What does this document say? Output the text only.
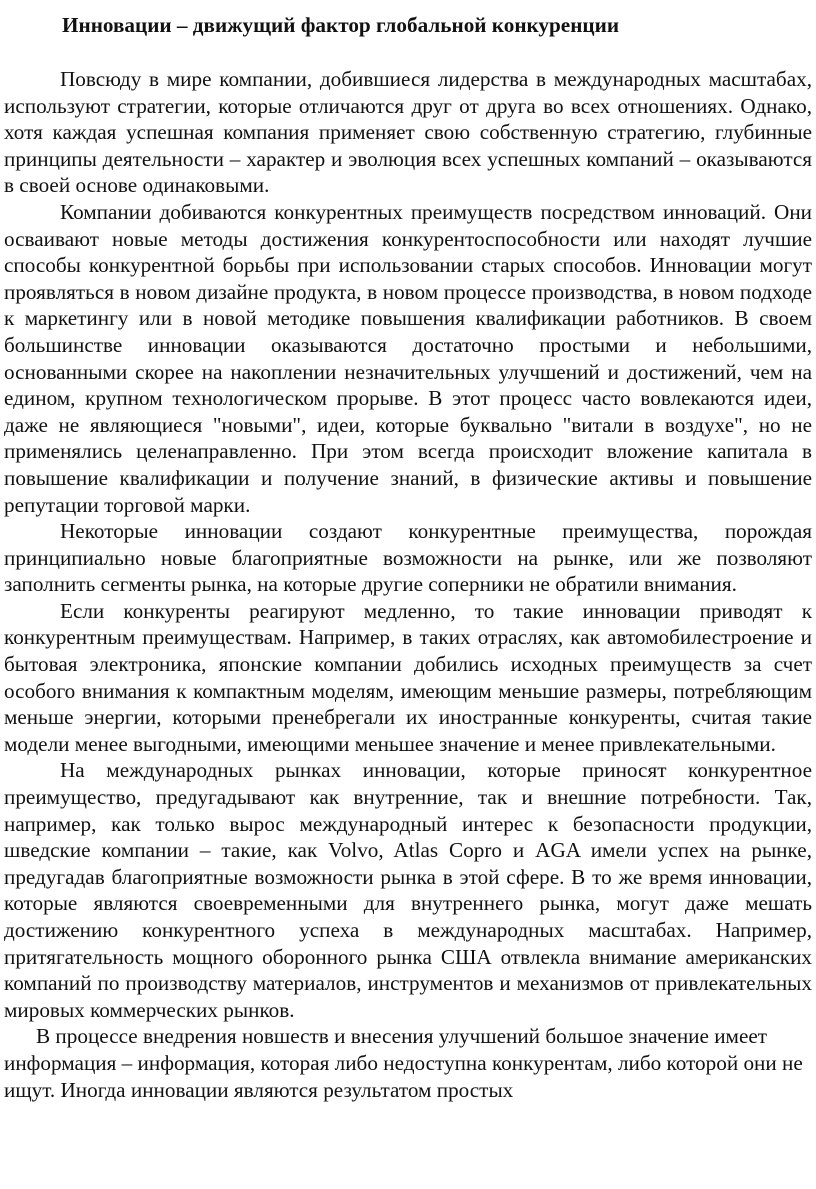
Инновации – движущий фактор глобальной конкуренции

Повсюду в мире компании, добившиеся лидерства в международных масштабах, используют стратегии, которые отличаются друг от друга во всех отношениях. Однако, хотя каждая успешная компания применяет свою собственную стратегию, глубинные принципы деятельности – характер и эволюция всех успешных компаний – оказываются в своей основе одинаковыми.

Компании добиваются конкурентных преимуществ посредством инноваций. Они осваивают новые методы достижения конкурентоспособности или находят лучшие способы конкурентной борьбы при использовании старых способов. Инновации могут проявляться в новом дизайне продукта, в новом процессе производства, в новом подходе к маркетингу или в новой методике повышения квалификации работников. В своем большинстве инновации оказываются достаточно простыми и небольшими, основанными скорее на накоплении незначительных улучшений и достижений, чем на едином, крупном технологическом прорыве. В этот процесс часто вовлекаются идеи, даже не являющиеся "новыми", идеи, которые буквально "витали в воздухе", но не применялись целенаправленно. При этом всегда происходит вложение капитала в повышение квалификации и получение знаний, в физические активы и повышение репутации торговой марки.

Некоторые инновации создают конкурентные преимущества, порождая принципиально новые благоприятные возможности на рынке, или же позволяют заполнить сегменты рынка, на которые другие соперники не обратили внимания.

Если конкуренты реагируют медленно, то такие инновации приводят к конкурентным преимуществам. Например, в таких отраслях, как автомобилестроение и бытовая электроника, японские компании добились исходных преимуществ за счет особого внимания к компактным моделям, имеющим меньшие размеры, потребляющим меньше энергии, которыми пренебрегали их иностранные конкуренты, считая такие модели менее выгодными, имеющими меньшее значение и менее привлекательными.

На международных рынках инновации, которые приносят конкурентное преимущество, предугадывают как внутренние, так и внешние потребности. Так, например, как только вырос международный интерес к безопасности продукции, шведские компании – такие, как Volvo, Atlas Copro и AGA имели успех на рынке, предугадав благоприятные возможности рынка в этой сфере. В то же время инновации, которые являются своевременными для внутреннего рынка, могут даже мешать достижению конкурентного успеха в международных масштабах. Например, притягательность мощного оборонного рынка США отвлекла внимание американских компаний по производству материалов, инструментов и механизмов от привлекательных мировых коммерческих рынков.

В процессе внедрения новшеств и внесения улучшений большое значение имеет информация – информация, которая либо недоступна конкурентам, либо которой они не ищут. Иногда инновации являются результатом простых
